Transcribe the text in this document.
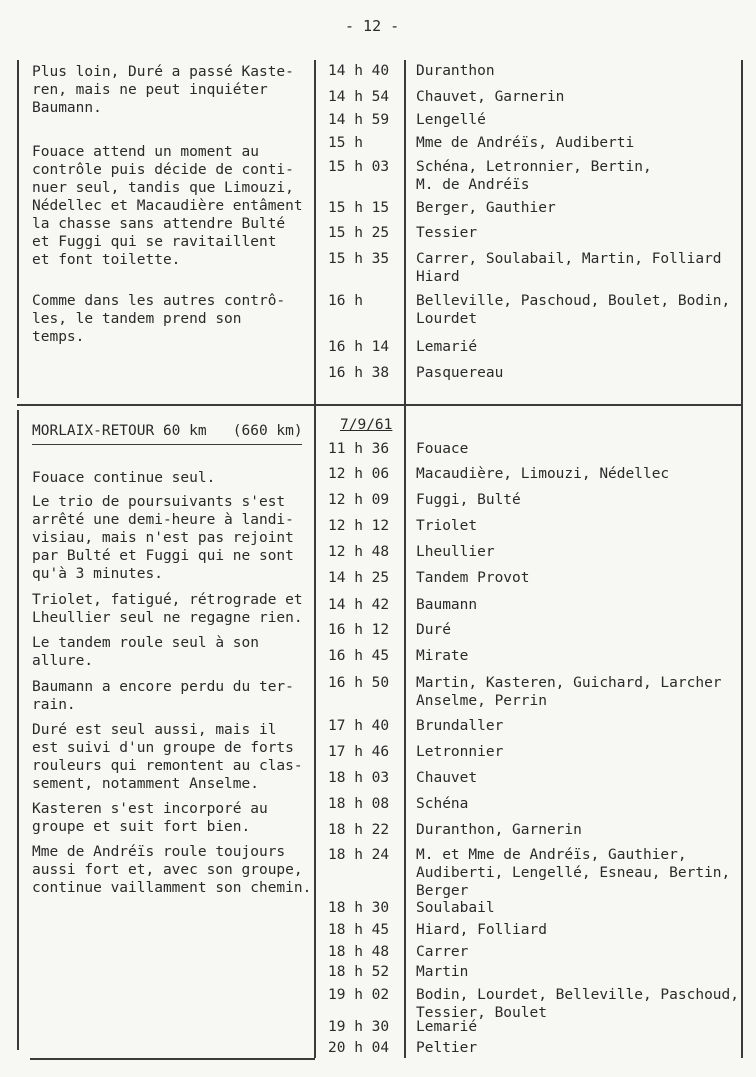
- 12 -
Plus loin, Duré a passé Kaste-
ren, mais ne peut inquiéter
Baumann.
Fouace attend un moment au
contrôle puis décide de conti-
nuer seul, tandis que Limouzi,
Nédellec et Macaudière entâment
la chasse sans attendre Bulté
et Fuggi qui se ravitaillent
et font toilette.
Comme dans les autres contrô-
les, le tandem prend son
temps.
14 h 40 Duranthon
14 h 54 Chauvet, Garnerin
14 h 59 Lengellé
15 h	Mme de Andréïs, Audiberti
15 h 03 Schéna, Letronnier, Bertin,
M. de Andréïs
15 h 15 Berger, Gauthier
15 h 25 Tessier
15 h 35 Carrer, Soulabail, Martin, Folliard
Hiard
16 h	Belleville, Paschoud, Boulet, Bodin,
Lourdet
16 h 14 Lemarié
16 h 38 Pasquereau
MORLAIX-RETOUR 60 km   (660 km)	7/9/61
Fouace continue seul.
Le trio de poursuivants s'est
arrêté une demi-heure à landi-
visiau, mais n'est pas rejoint
par Bulté et Fuggi qui ne sont
qu'à 3 minutes.
Triolet, fatigué, rétrograde et
Lheullier seul ne regagne rien.
Le tandem roule seul à son
allure.
Baumann a encore perdu du ter-
rain.
Duré est seul aussi, mais il
est suivi d'un groupe de forts
rouleurs qui remontent au clas-
sement, notamment Anselme.
Kasteren s'est incorporé au
groupe et suit fort bien.
Mme de Andréïs roule toujours
aussi fort et, avec son groupe,
continue vaillamment son chemin.
11 h 36 Fouace
12 h 06 Macaudière, Limouzi, Nédellec
12 h 09 Fuggi, Bulté
12 h 12 Triolet
12 h 48 Lheullier
14 h 25 Tandem Provot
14 h 42 Baumann
16 h 12 Duré
16 h 45 Mirate
16 h 50 Martin, Kasteren, Guichard, Larcher
Anselme, Perrin
17 h 40 Brundaller
17 h 46 Letronnier
18 h 03 Chauvet
18 h 08 Schéna
18 h 22 Duranthon, Garnerin
18 h 24 M. et Mme de Andréïs, Gauthier,
Audiberti, Lengellé, Esneau, Bertin,
Berger
18 h 30 Soulabail
18 h 45 Hiard, Folliard
18 h 48 Carrer
18 h 52 Martin
19 h 02 Bodin, Lourdet, Belleville, Paschoud,
Tessier, Boulet
19 h 30 Lemarié
20 h 04 Peltier
